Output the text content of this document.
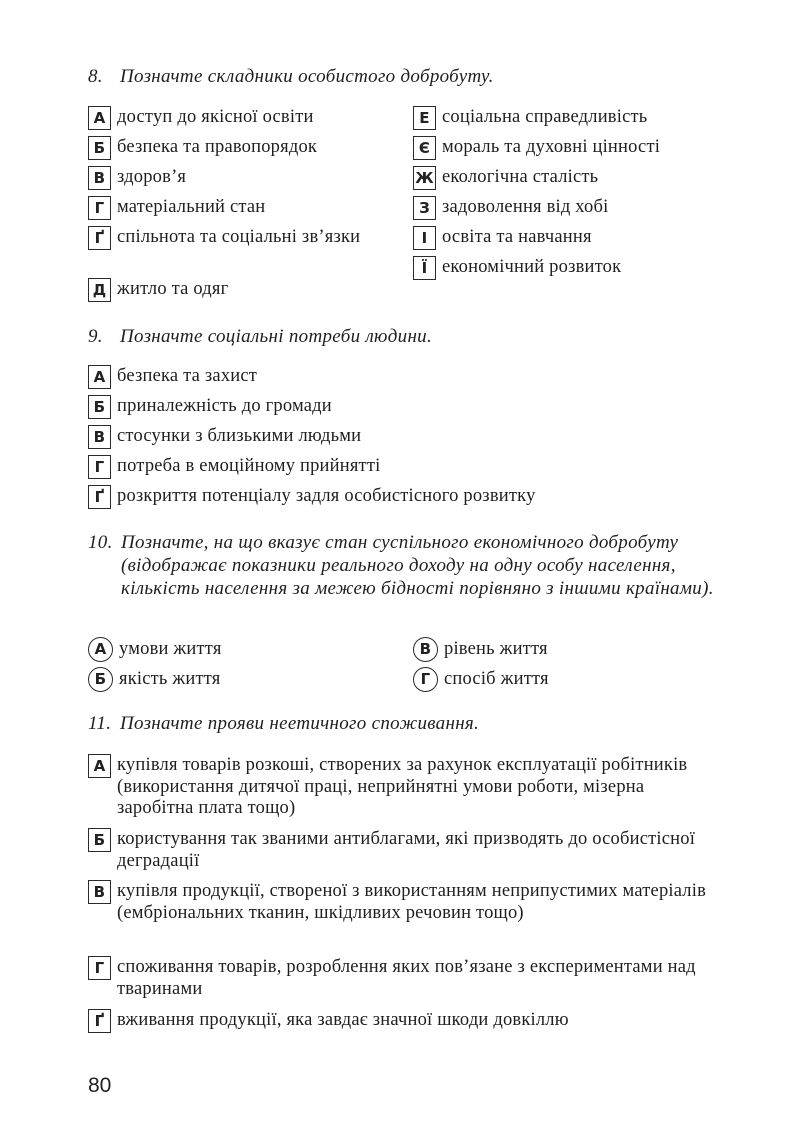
8. Позначте складники особистого добробуту.
А доступ до якісної освіти
Б безпека та правопорядок
В здоров’я
Г матеріальний стан
Ґ спільнота та соціальні зв’язки
Д житло та одяг
Е соціальна справедливість
Є мораль та духовні цінності
Ж екологічна сталість
З задоволення від хобі
І освіта та навчання
Ї економічний розвиток
9. Позначте соціальні потреби людини.
А безпека та захист
Б приналежність до громади
В стосунки з близькими людьми
Г потреба в емоційному прийнятті
Ґ розкриття потенціалу задля особистісного розвитку
10. Позначте, на що вказує стан суспільного економічного добробуту (відображає показники реального доходу на одну особу населення, кількість населення за межею бідності порівняно з іншими країнами).
А умови життя
Б якість життя
В рівень життя
Г спосіб життя
11. Позначте прояви неетичного споживання.
А купівля товарів розкоші, створених за рахунок експлуатації робітників (використання дитячої праці, неприйнятні умови роботи, мізерна заробітна плата тощо)
Б користування так званими антиблагами, які призводять до особистісної деградації
В купівля продукції, створеної з використанням неприпустимих матеріалів (ембріональних тканин, шкідливих речовин тощо)
Г споживання товарів, розроблення яких пов’язане з експериментами над тваринами
Ґ вживання продукції, яка завдає значної шкоди довкіллю
80
